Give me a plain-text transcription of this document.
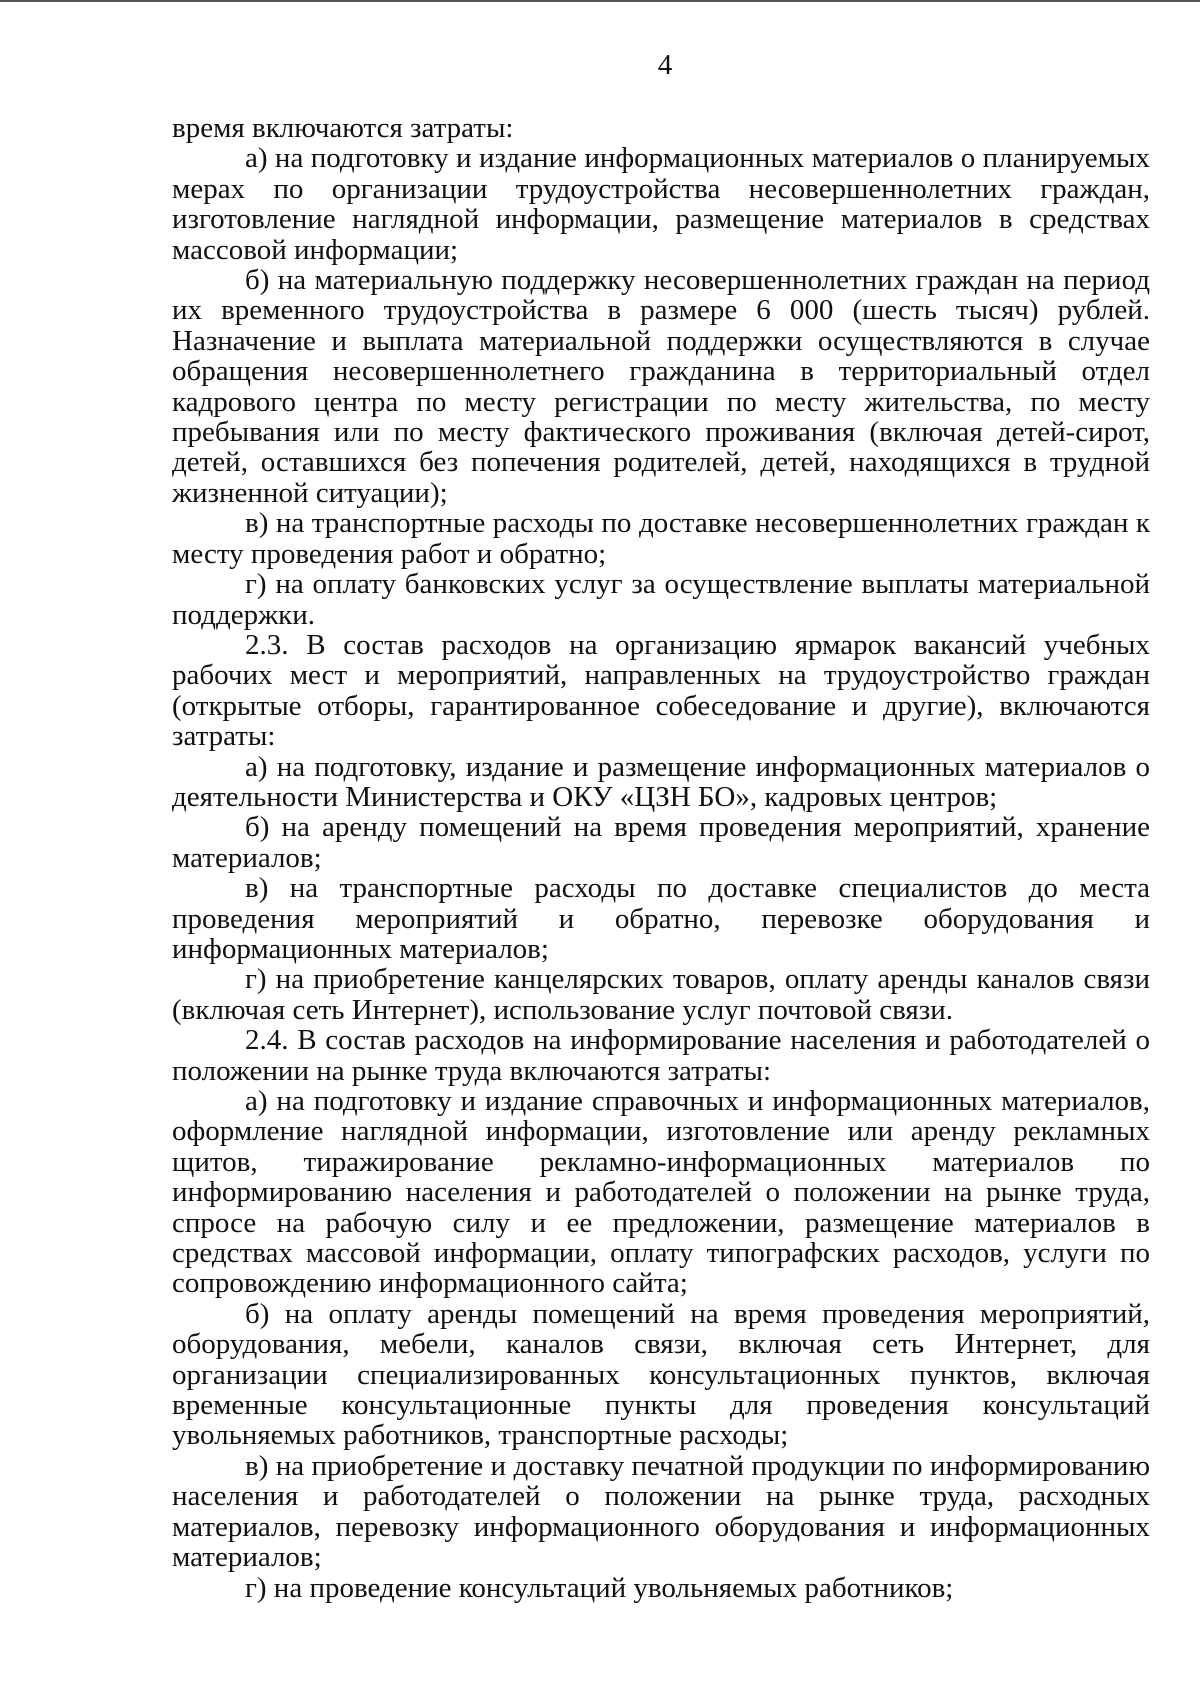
4

время включаются затраты:

а) на подготовку и издание информационных материалов о планируемых мерах по организации трудоустройства несовершеннолетних граждан, изготовление наглядной информации, размещение материалов в средствах массовой информации;

б) на материальную поддержку несовершеннолетних граждан на период их временного трудоустройства в размере 6 000 (шесть тысяч) рублей. Назначение и выплата материальной поддержки осуществляются в случае обращения несовершеннолетнего гражданина в территориальный отдел кадрового центра по месту регистрации по месту жительства, по месту пребывания или по месту фактического проживания (включая детей-сирот, детей, оставшихся без попечения родителей, детей, находящихся в трудной жизненной ситуации);

в) на транспортные расходы по доставке несовершеннолетних граждан к месту проведения работ и обратно;

г) на оплату банковских услуг за осуществление выплаты материальной поддержки.

2.3. В состав расходов на организацию ярмарок вакансий учебных рабочих мест и мероприятий, направленных на трудоустройство граждан (открытые отборы, гарантированное собеседование и другие), включаются затраты:

а) на подготовку, издание и размещение информационных материалов о деятельности Министерства и ОКУ «ЦЗН БО», кадровых центров;

б) на аренду помещений на время проведения мероприятий, хранение материалов;

в) на транспортные расходы по доставке специалистов до места проведения мероприятий и обратно, перевозке оборудования и информационных материалов;

г) на приобретение канцелярских товаров, оплату аренды каналов связи (включая сеть Интернет), использование услуг почтовой связи.

2.4. В состав расходов на информирование населения и работодателей о положении на рынке труда включаются затраты:

а) на подготовку и издание справочных и информационных материалов, оформление наглядной информации, изготовление или аренду рекламных щитов, тиражирование рекламно-информационных материалов по информированию населения и работодателей о положении на рынке труда, спросе на рабочую силу и ее предложении, размещение материалов в средствах массовой информации, оплату типографских расходов, услуги по сопровождению информационного сайта;

б) на оплату аренды помещений на время проведения мероприятий, оборудования, мебели, каналов связи, включая сеть Интернет, для организации специализированных консультационных пунктов, включая временные консультационные пункты для проведения консультаций увольняемых работников, транспортные расходы;

в) на приобретение и доставку печатной продукции по информированию населения и работодателей о положении на рынке труда, расходных материалов, перевозку информационного оборудования и информационных материалов;

г) на проведение консультаций увольняемых работников;
